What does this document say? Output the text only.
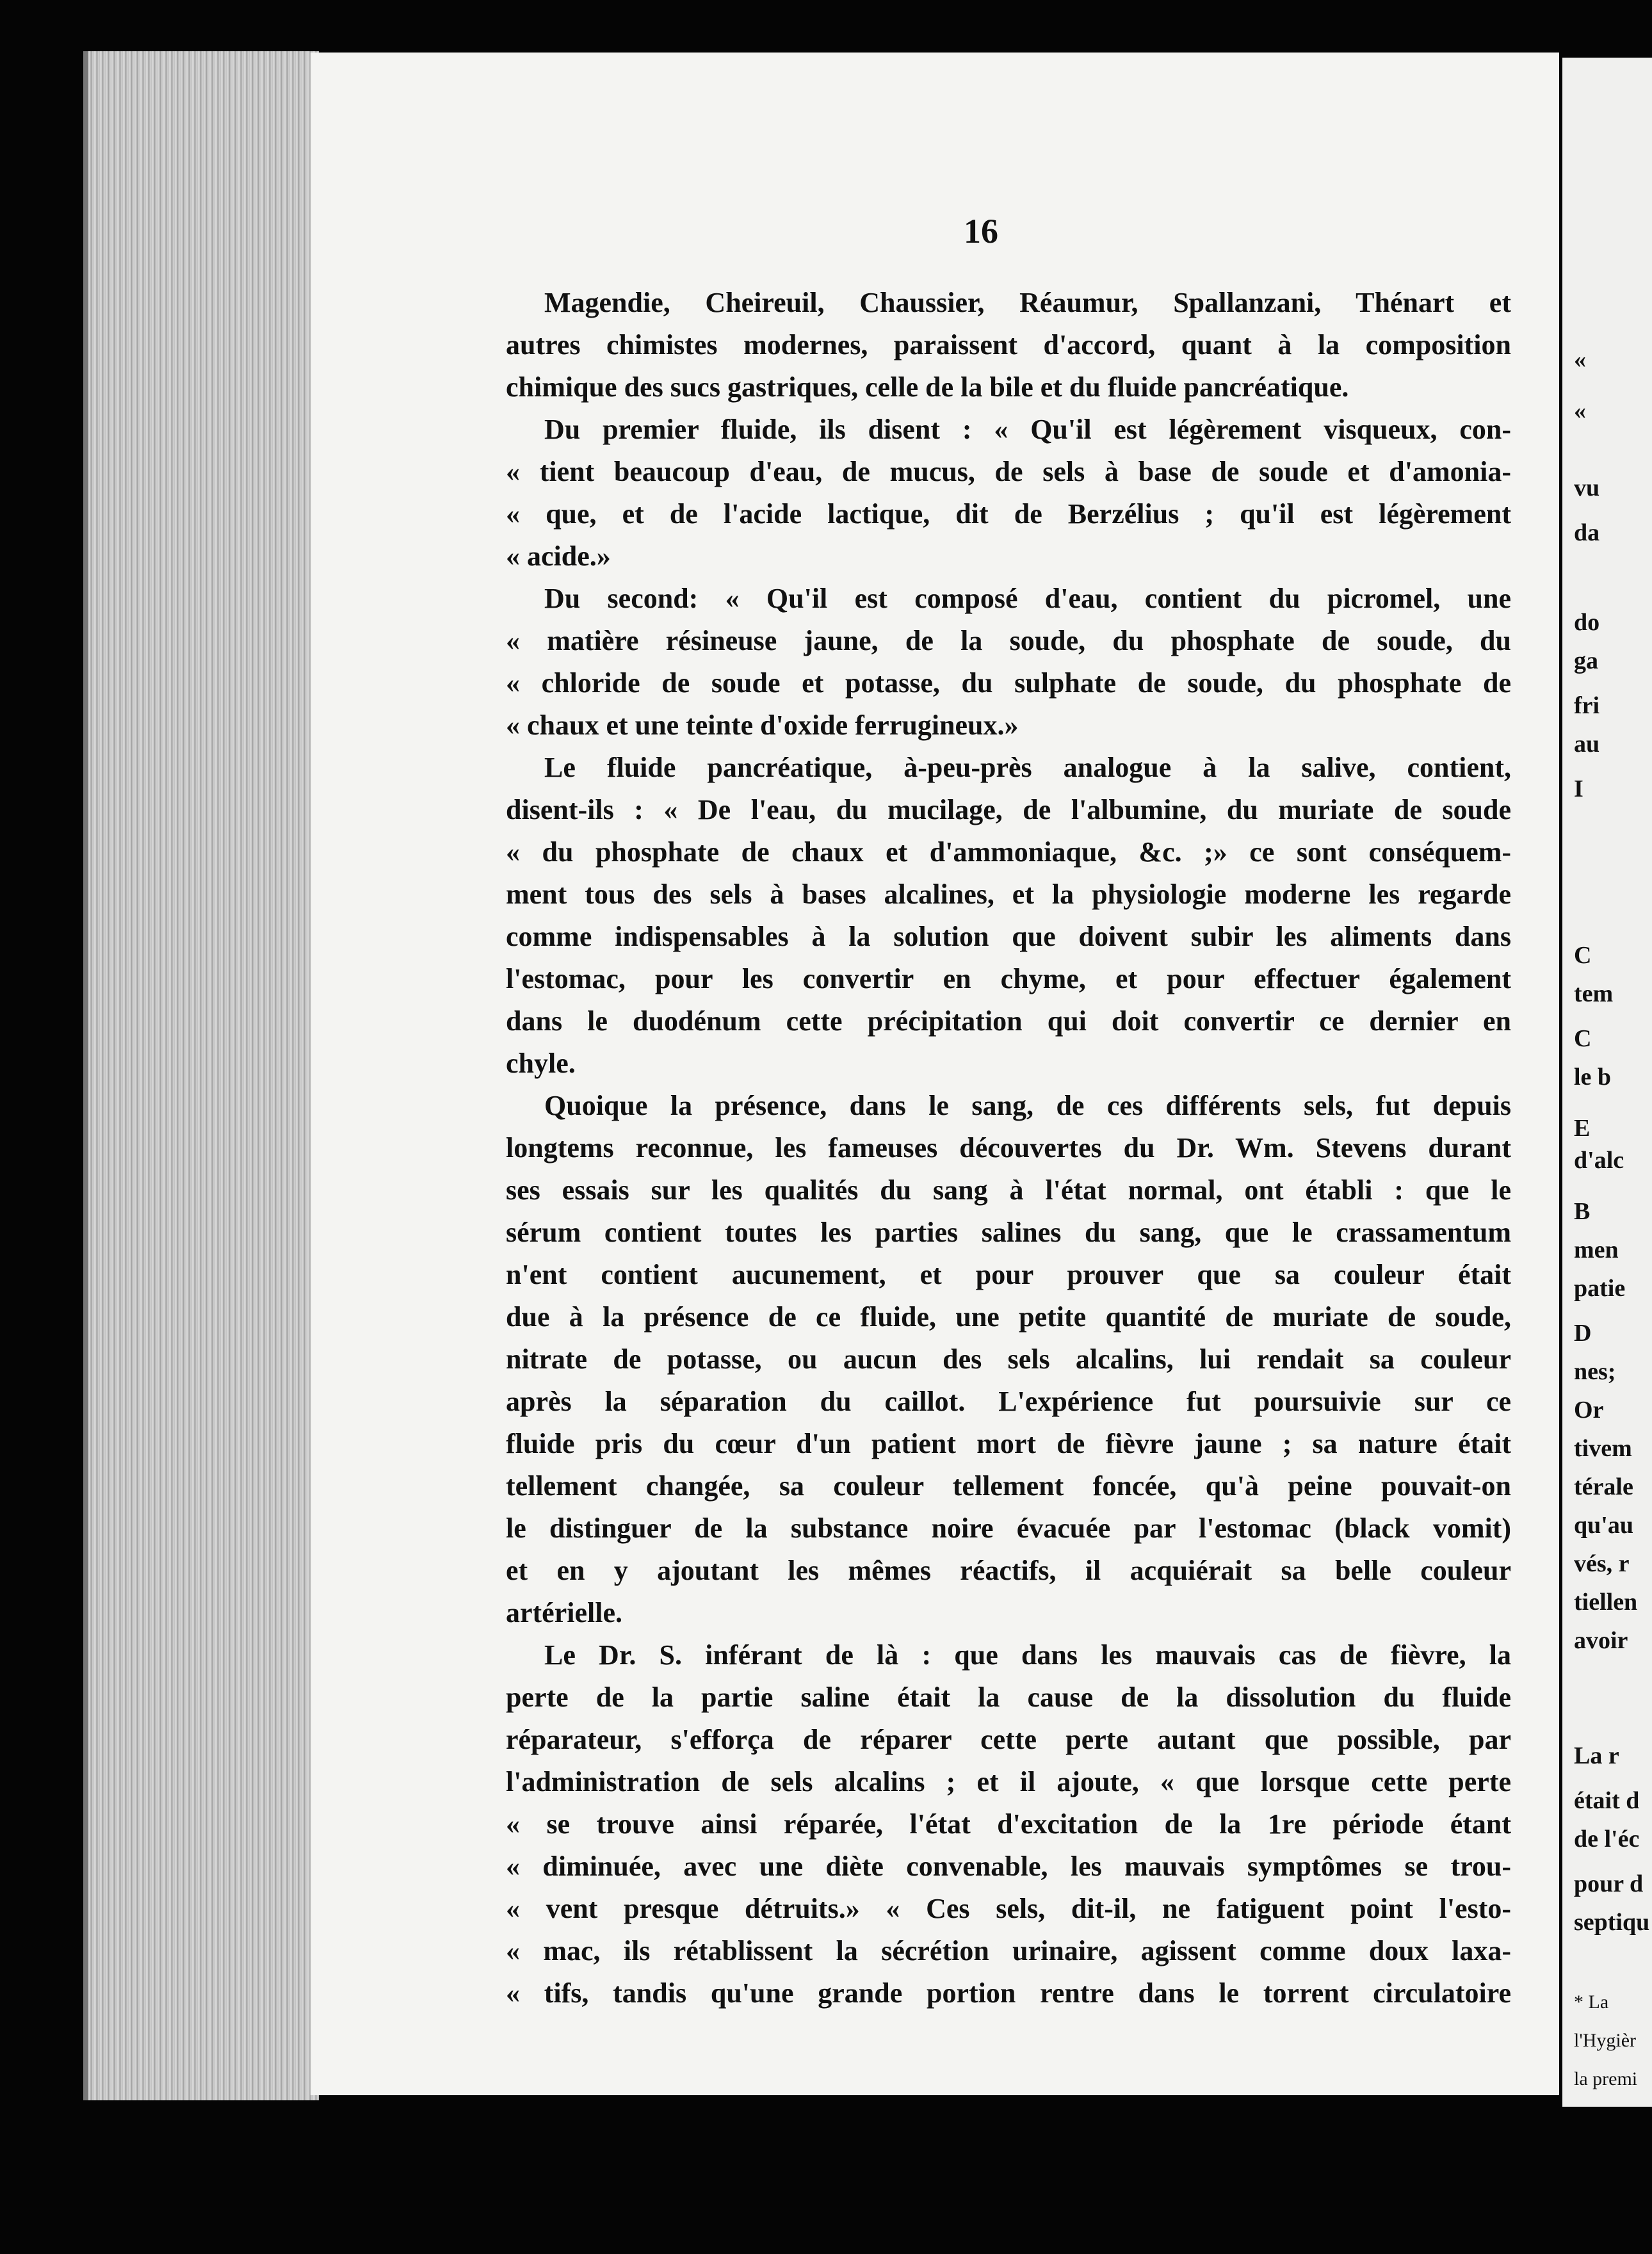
16
Magendie, Cheireuil, Chaussier, Réaumur, Spallanzani, Thénart et
autres chimistes modernes, paraissent d'accord, quant à la composition
chimique des sucs gastriques, celle de la bile et du fluide pancréatique.
Du premier fluide, ils disent : « Qu'il est légèrement visqueux, con-
« tient beaucoup d'eau, de mucus, de sels à base de soude et d'amonia-
« que, et de l'acide lactique, dit de Berzélius ; qu'il est légèrement
« acide.»
Du second: « Qu'il est composé d'eau, contient du picromel, une
« matière résineuse jaune, de la soude, du phosphate de soude, du
« chloride de soude et potasse, du sulphate de soude, du phosphate de
« chaux et une teinte d'oxide ferrugineux.»
Le fluide pancréatique, à-peu-près analogue à la salive, contient,
disent-ils : « De l'eau, du mucilage, de l'albumine, du muriate de soude
« du phosphate de chaux et d'ammoniaque, &c. ;» ce sont conséquem-
ment tous des sels à bases alcalines, et la physiologie moderne les regarde
comme indispensables à la solution que doivent subir les aliments dans
l'estomac, pour les convertir en chyme, et pour effectuer également
dans le duodénum cette précipitation qui doit convertir ce dernier en
chyle.
Quoique la présence, dans le sang, de ces différents sels, fut depuis
longtems reconnue, les fameuses découvertes du Dr. Wm. Stevens durant
ses essais sur les qualités du sang à l'état normal, ont établi : que le
sérum contient toutes les parties salines du sang, que le crassamentum
n'ent contient aucunement, et pour prouver que sa couleur était
due à la présence de ce fluide, une petite quantité de muriate de soude,
nitrate de potasse, ou aucun des sels alcalins, lui rendait sa couleur
après la séparation du caillot. L'expérience fut poursuivie sur ce
fluide pris du cœur d'un patient mort de fièvre jaune ; sa nature était
tellement changée, sa couleur tellement foncée, qu'à peine pouvait-on
le distinguer de la substance noire évacuée par l'estomac (black vomit)
et en y ajoutant les mêmes réactifs, il acquiérait sa belle couleur
artérielle.
Le Dr. S. inférant de là : que dans les mauvais cas de fièvre, la
perte de la partie saline était la cause de la dissolution du fluide
réparateur, s'efforça de réparer cette perte autant que possible, par
l'administration de sels alcalins ; et il ajoute, « que lorsque cette perte
« se trouve ainsi réparée, l'état d'excitation de la 1re période étant
« diminuée, avec une diète convenable, les mauvais symptômes se trou-
« vent presque détruits.» « Ces sels, dit-il, ne fatiguent point l'esto-
« mac, ils rétablissent la sécrétion urinaire, agissent comme doux laxa-
« tifs, tandis qu'une grande portion rentre dans le torrent circulatoire
«
«
vu
da
do
ga
fri
au
I
C
tem
C
le b
E
d'alc
B
men
patie
D
nes;
Or
tivem
térale
qu'au
vés, r
tiellen
avoir
La r
était d
de l'éc
pour d
septiqu
* La
l'Hygièr
la premi
